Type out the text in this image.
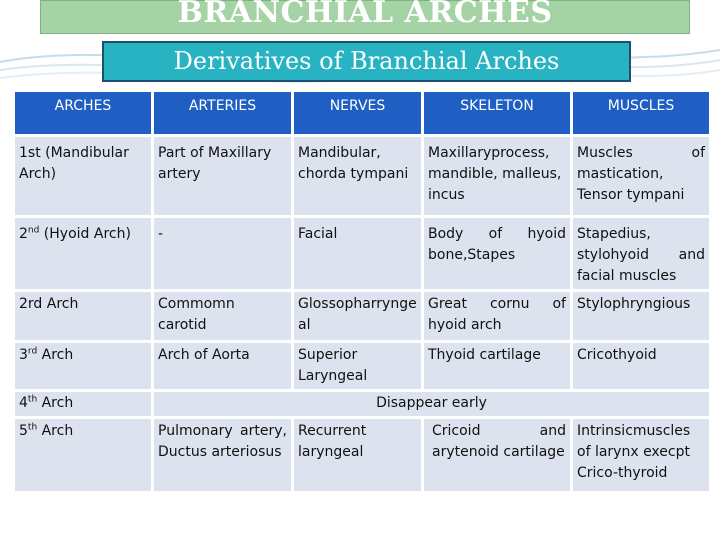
BRANCHIAL ARCHES
Derivatives of Branchial Arches
ARCHES	ARTERIES	NERVES	SKELETON	MUSCLES
1st (Mandibular Arch)	Part of Maxillary artery	Mandibular, chorda tympani	Maxillaryprocess, mandible, malleus, incus	Muscles of mastication, Tensor tympani
2nd (Hyoid Arch)	-	Facial	Body of hyoid bone,Stapes	Stapedius, stylohyoid and facial muscles
2rd Arch	Commomn carotid	Glossopharryngeal	Great cornu of hyoid arch	Stylophryngious
3rd Arch	Arch of Aorta	Superior Laryngeal	Thyoid cartilage	Cricothyoid
4th Arch	Disappear early			
5th Arch	Pulmonary artery, Ductus arteriosus	Recurrent laryngeal	Cricoid and arytenoid cartilage	Intrinsicmuscles of larynx execpt Crico-thyroid
